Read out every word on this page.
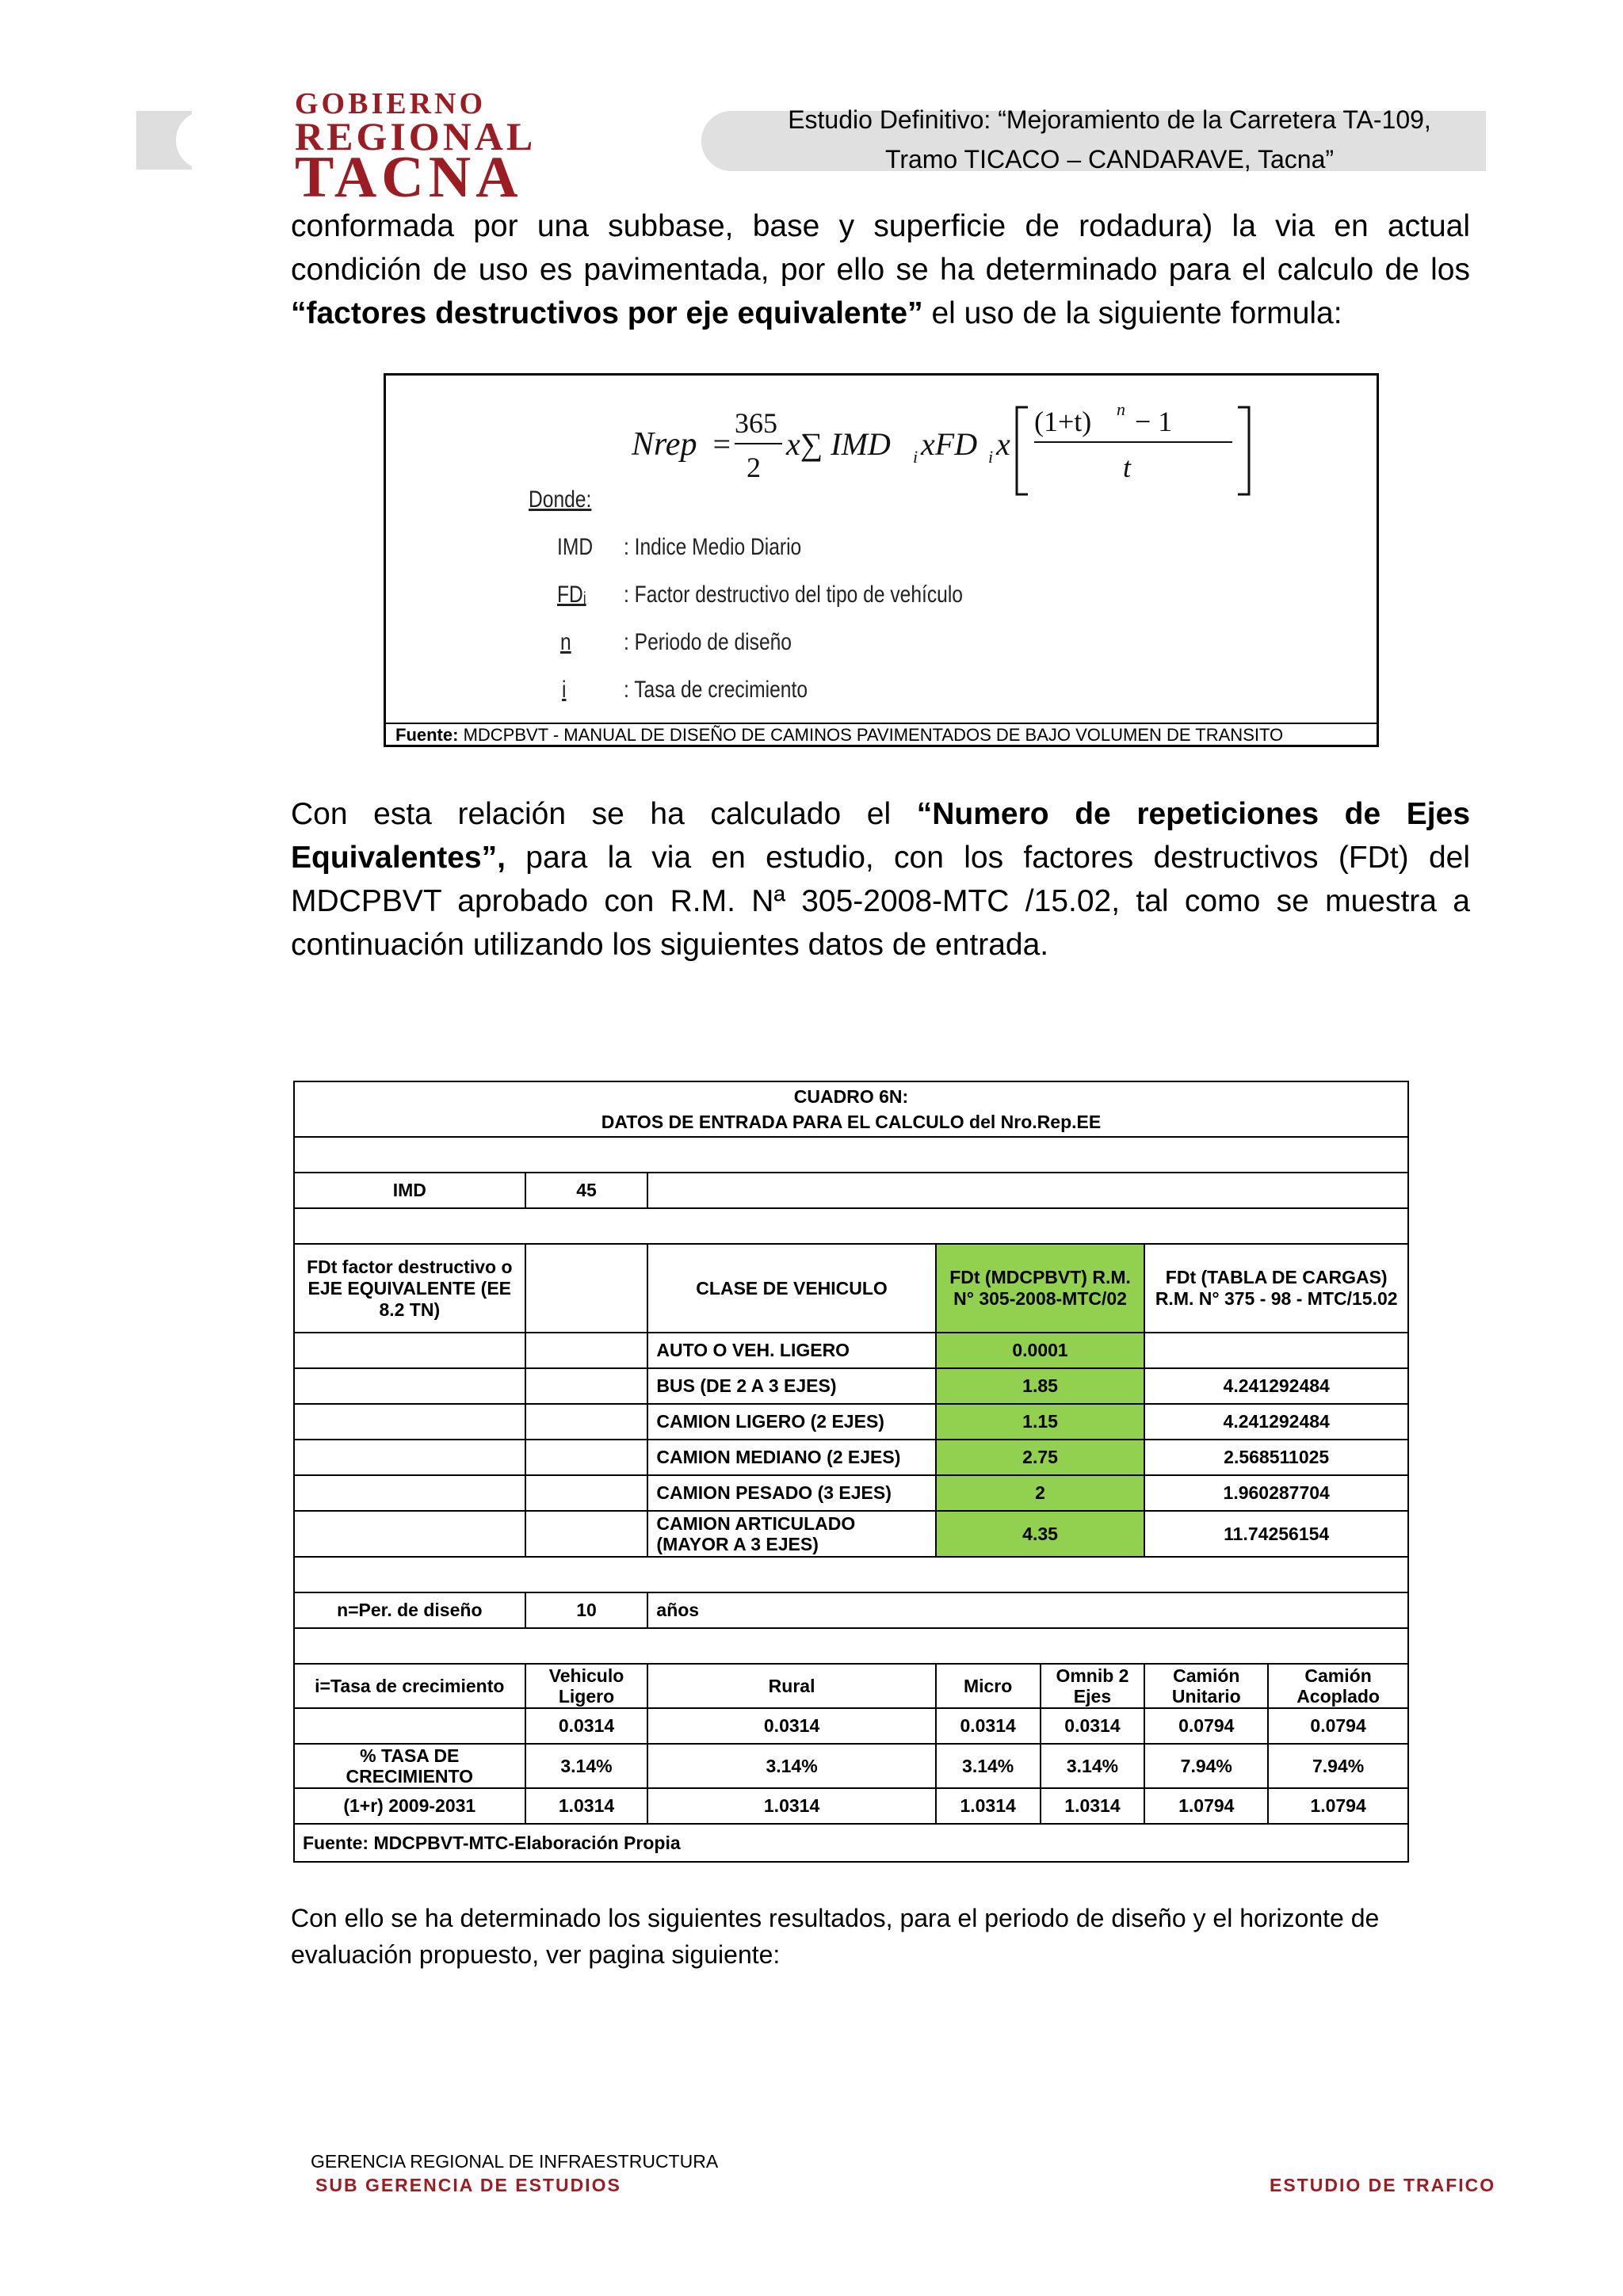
GOBIERNO
REGIONAL
TACNA
Estudio Definitivo: “Mejoramiento de la Carretera TA-109,
Tramo TICACO – CANDARAVE, Tacna”
conformada por una subbase, base y superficie de rodadura) la via en actual condición de uso es pavimentada, por ello se ha determinado para el calculo de los “factores destructivos por eje equivalente” el uso de la siguiente formula:
Nrep =
365
2
x∑ IMD i xFD i x
(1+t) n − 1
t
Donde:
IMD : Indice Medio Diario
FDᵢ : Factor destructivo del tipo de vehículo
n : Periodo de diseño
i : Tasa de crecimiento
Fuente: MDCPBVT - MANUAL DE DISEÑO DE CAMINOS PAVIMENTADOS DE BAJO VOLUMEN DE TRANSITO
Con esta relación se ha calculado el “Numero de repeticiones de Ejes Equivalentes”, para la via en estudio, con los factores destructivos (FDt) del MDCPBVT aprobado con R.M. Nª 305-2008-MTC /15.02, tal como se muestra a continuación utilizando los siguientes datos de entrada.
CUADRO 6N:
DATOS DE ENTRADA PARA EL CALCULO del Nro.Rep.EE						

IMD	45					

FDt factor destructivo o EJE EQUIVALENTE (EE 8.2 TN)		CLASE DE VEHICULO	FDt (MDCPBVT) R.M. N° 305-2008-MTC/02		FDt (TABLA DE CARGAS) R.M. N° 375 - 98 - MTC/15.02	
		AUTO O VEH. LIGERO	0.0001			
		BUS (DE 2 A 3 EJES)	1.85		4.241292484	
		CAMION LIGERO (2 EJES)	1.15		4.241292484	
		CAMION MEDIANO (2 EJES)	2.75		2.568511025	
		CAMION PESADO (3 EJES)	2		1.960287704	
		CAMION ARTICULADO (MAYOR A 3 EJES)	4.35		11.74256154	

n=Per. de diseño	10	años				

i=Tasa de crecimiento	Vehiculo Ligero	Rural	Micro	Omnib 2 Ejes	Camión Unitario	Camión Acoplado
	0.0314	0.0314	0.0314	0.0314	0.0794	0.0794
% TASA DE CRECIMIENTO	3.14%	3.14%	3.14%	3.14%	7.94%	7.94%
(1+r) 2009-2031	1.0314	1.0314	1.0314	1.0314	1.0794	1.0794
Fuente: MDCPBVT-MTC-Elaboración Propia						
Con ello se ha determinado los siguientes resultados, para el periodo de diseño y el horizonte de evaluación propuesto, ver pagina siguiente:
GERENCIA REGIONAL DE INFRAESTRUCTURA
SUB GERENCIA DE ESTUDIOS	ESTUDIO DE TRAFICO
